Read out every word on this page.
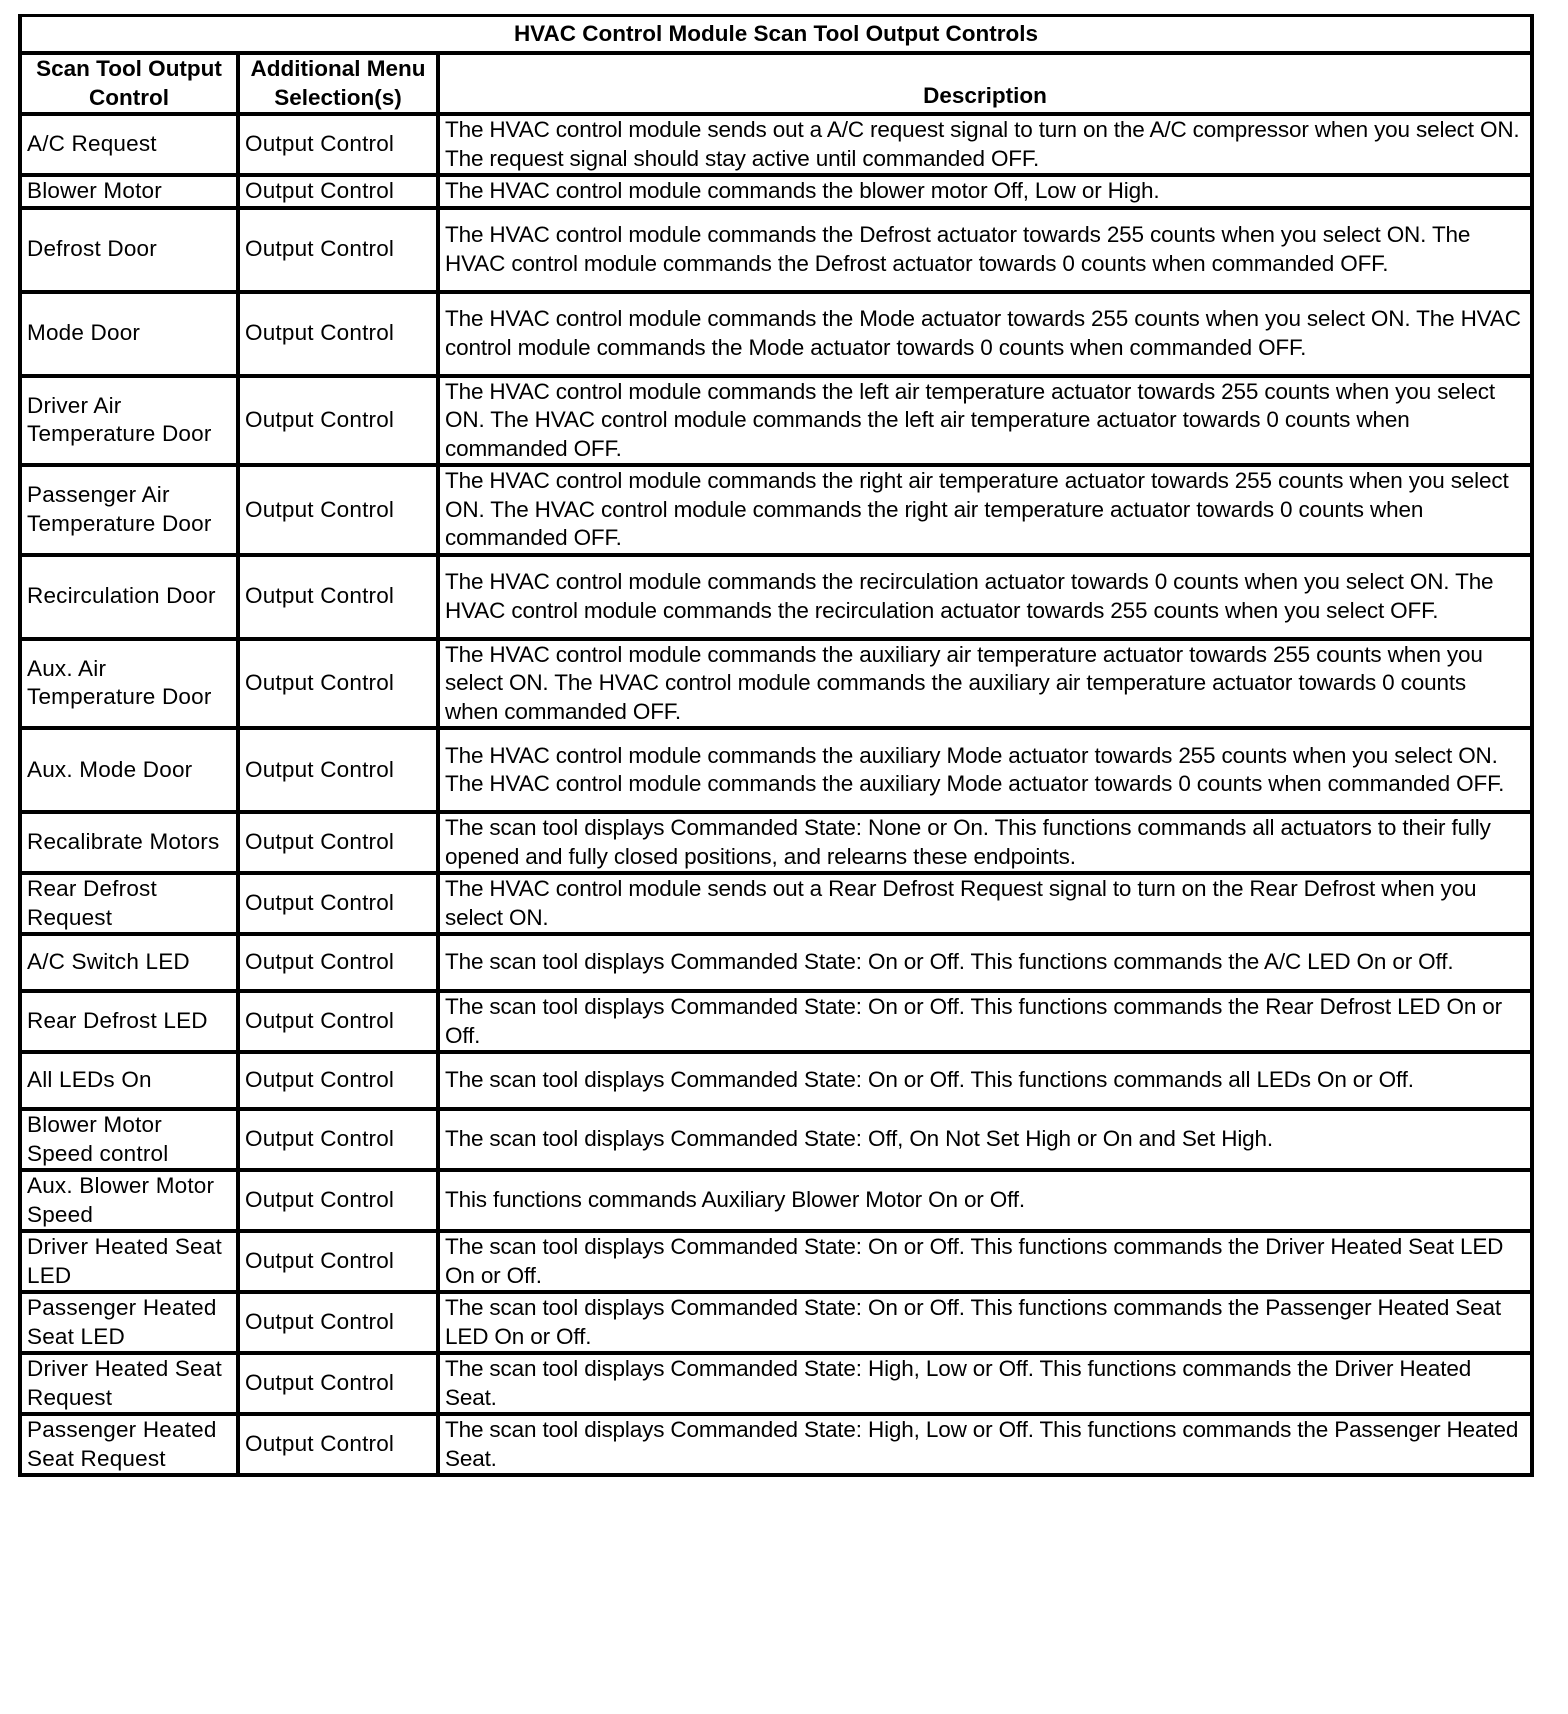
HVAC Control Module Scan Tool Output Controls		
Scan Tool Output Control	Additional Menu Selection(s)	Description
A/C Request	Output Control	The HVAC control module sends out a A/C request signal to turn on the A/C compressor when you select ON. The request signal should stay active until commanded OFF.
Blower Motor	Output Control	The HVAC control module commands the blower motor Off, Low or High.
Defrost Door	Output Control	The HVAC control module commands the Defrost actuator towards 255 counts when you select ON. The HVAC control module commands the Defrost actuator towards 0 counts when commanded OFF.
Mode Door	Output Control	The HVAC control module commands the Mode actuator towards 255 counts when you select ON. The HVAC control module commands the Mode actuator towards 0 counts when commanded OFF.
Driver Air Temperature Door	Output Control	The HVAC control module commands the left air temperature actuator towards 255 counts when you select ON. The HVAC control module commands the left air temperature actuator towards 0 counts when commanded OFF.
Passenger Air Temperature Door	Output Control	The HVAC control module commands the right air temperature actuator towards 255 counts when you select ON. The HVAC control module commands the right air temperature actuator towards 0 counts when commanded OFF.
Recirculation Door	Output Control	The HVAC control module commands the recirculation actuator towards 0 counts when you select ON. The HVAC control module commands the recirculation actuator towards 255 counts when you select OFF.
Aux. Air Temperature Door	Output Control	The HVAC control module commands the auxiliary air temperature actuator towards 255 counts when you select ON. The HVAC control module commands the auxiliary air temperature actuator towards 0 counts when commanded OFF.
Aux. Mode Door	Output Control	The HVAC control module commands the auxiliary Mode actuator towards 255 counts when you select ON. The HVAC control module commands the auxiliary Mode actuator towards 0 counts when commanded OFF.
Recalibrate Motors	Output Control	The scan tool displays Commanded State: None or On. This functions commands all actuators to their fully opened and fully closed positions, and relearns these endpoints.
Rear Defrost Request	Output Control	The HVAC control module sends out a Rear Defrost Request signal to turn on the Rear Defrost when you select ON.
A/C Switch LED	Output Control	The scan tool displays Commanded State: On or Off. This functions commands the A/C LED On or Off.
Rear Defrost LED	Output Control	The scan tool displays Commanded State: On or Off. This functions commands the Rear Defrost LED On or Off.
All LEDs On	Output Control	The scan tool displays Commanded State: On or Off. This functions commands all LEDs On or Off.
Blower Motor Speed control	Output Control	The scan tool displays Commanded State: Off, On Not Set High or On and Set High.
Aux. Blower Motor Speed	Output Control	This functions commands Auxiliary Blower Motor On or Off.
Driver Heated Seat LED	Output Control	The scan tool displays Commanded State: On or Off. This functions commands the Driver Heated Seat LED On or Off.
Passenger Heated Seat LED	Output Control	The scan tool displays Commanded State: On or Off. This functions commands the Passenger Heated Seat LED On or Off.
Driver Heated Seat Request	Output Control	The scan tool displays Commanded State: High, Low or Off. This functions commands the Driver Heated Seat.
Passenger Heated Seat Request	Output Control	The scan tool displays Commanded State: High, Low or Off. This functions commands the Passenger Heated Seat.
